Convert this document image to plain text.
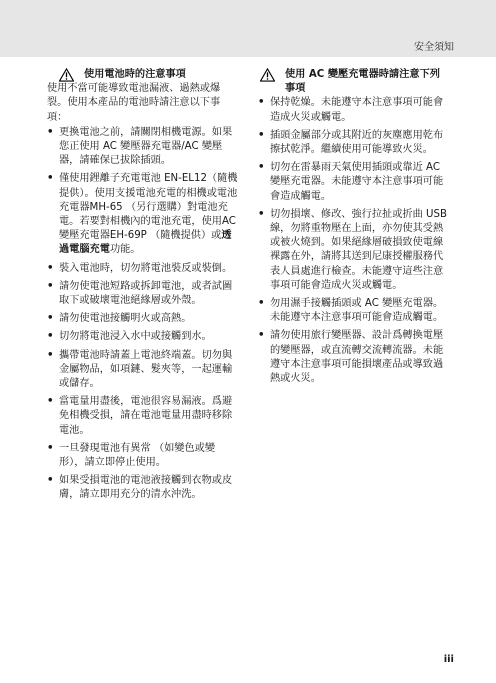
安全須知
使用電池時的注意事項

使用不當可能導致電池漏液、過熱或爆裂。使用本產品的電池時請注意以下事項：

• 更換電池之前，請關閉相機電源。如果您正使用 AC 變壓器充電器/AC 變壓器，請確保已拔除插頭。
• 僅使用鋰離子充電電池 EN-EL12（隨機提供）。使用支援電池充電的相機或電池充電器MH-65 （另行選購）對電池充電。若要對相機內的電池充電，使用AC變壓充電器EH-69P （隨機提供）或透過電腦充電功能。
• 裝入電池時，切勿將電池裝反或裝倒。
• 請勿使電池短路或拆卸電池，或者試圖取下或破壞電池絕緣層或外殼。
• 請勿使電池接觸明火或高熱。
• 切勿將電池浸入水中或接觸到水。
• 攜帶電池時請蓋上電池終端蓋。切勿與金屬物品，如項鏈、髮夾等，一起運輸或儲存。
• 當電量用盡後，電池很容易漏液。爲避免相機受損，請在電池電量用盡時移除電池。
• 一旦發現電池有異常 （如變色或變形），請立即停止使用。
• 如果受損電池的電池液接觸到衣物或皮膚，請立即用充分的清水沖洗。
使用 AC 變壓充電器時請注意下列事項
• 保持乾燥。未能遵守本注意事項可能會造成火災或觸電。
• 插頭金屬部分或其附近的灰塵應用乾布擦拭乾淨。繼續使用可能導致火災。
• 切勿在雷暴雨天氣使用插頭或靠近 AC 變壓充電器。未能遵守本注意事項可能會造成觸電。
• 切勿損壞、修改、強行拉扯或折曲 USB 線，勿將重物壓在上面，亦勿使其受熱或被火燒到。如果絕緣層破損致使電線裸露在外，請將其送到尼康授權服務代表人員處進行檢查。未能遵守這些注意事項可能會造成火災或觸電。
• 勿用濕手接觸插頭或 AC 變壓充電器。未能遵守本注意事項可能會造成觸電。
• 請勿使用旅行變壓器、設計爲轉換電壓的變壓器，或直流轉交流轉流器。未能遵守本注意事項可能損壞產品或導致過熱或火災。
iii
